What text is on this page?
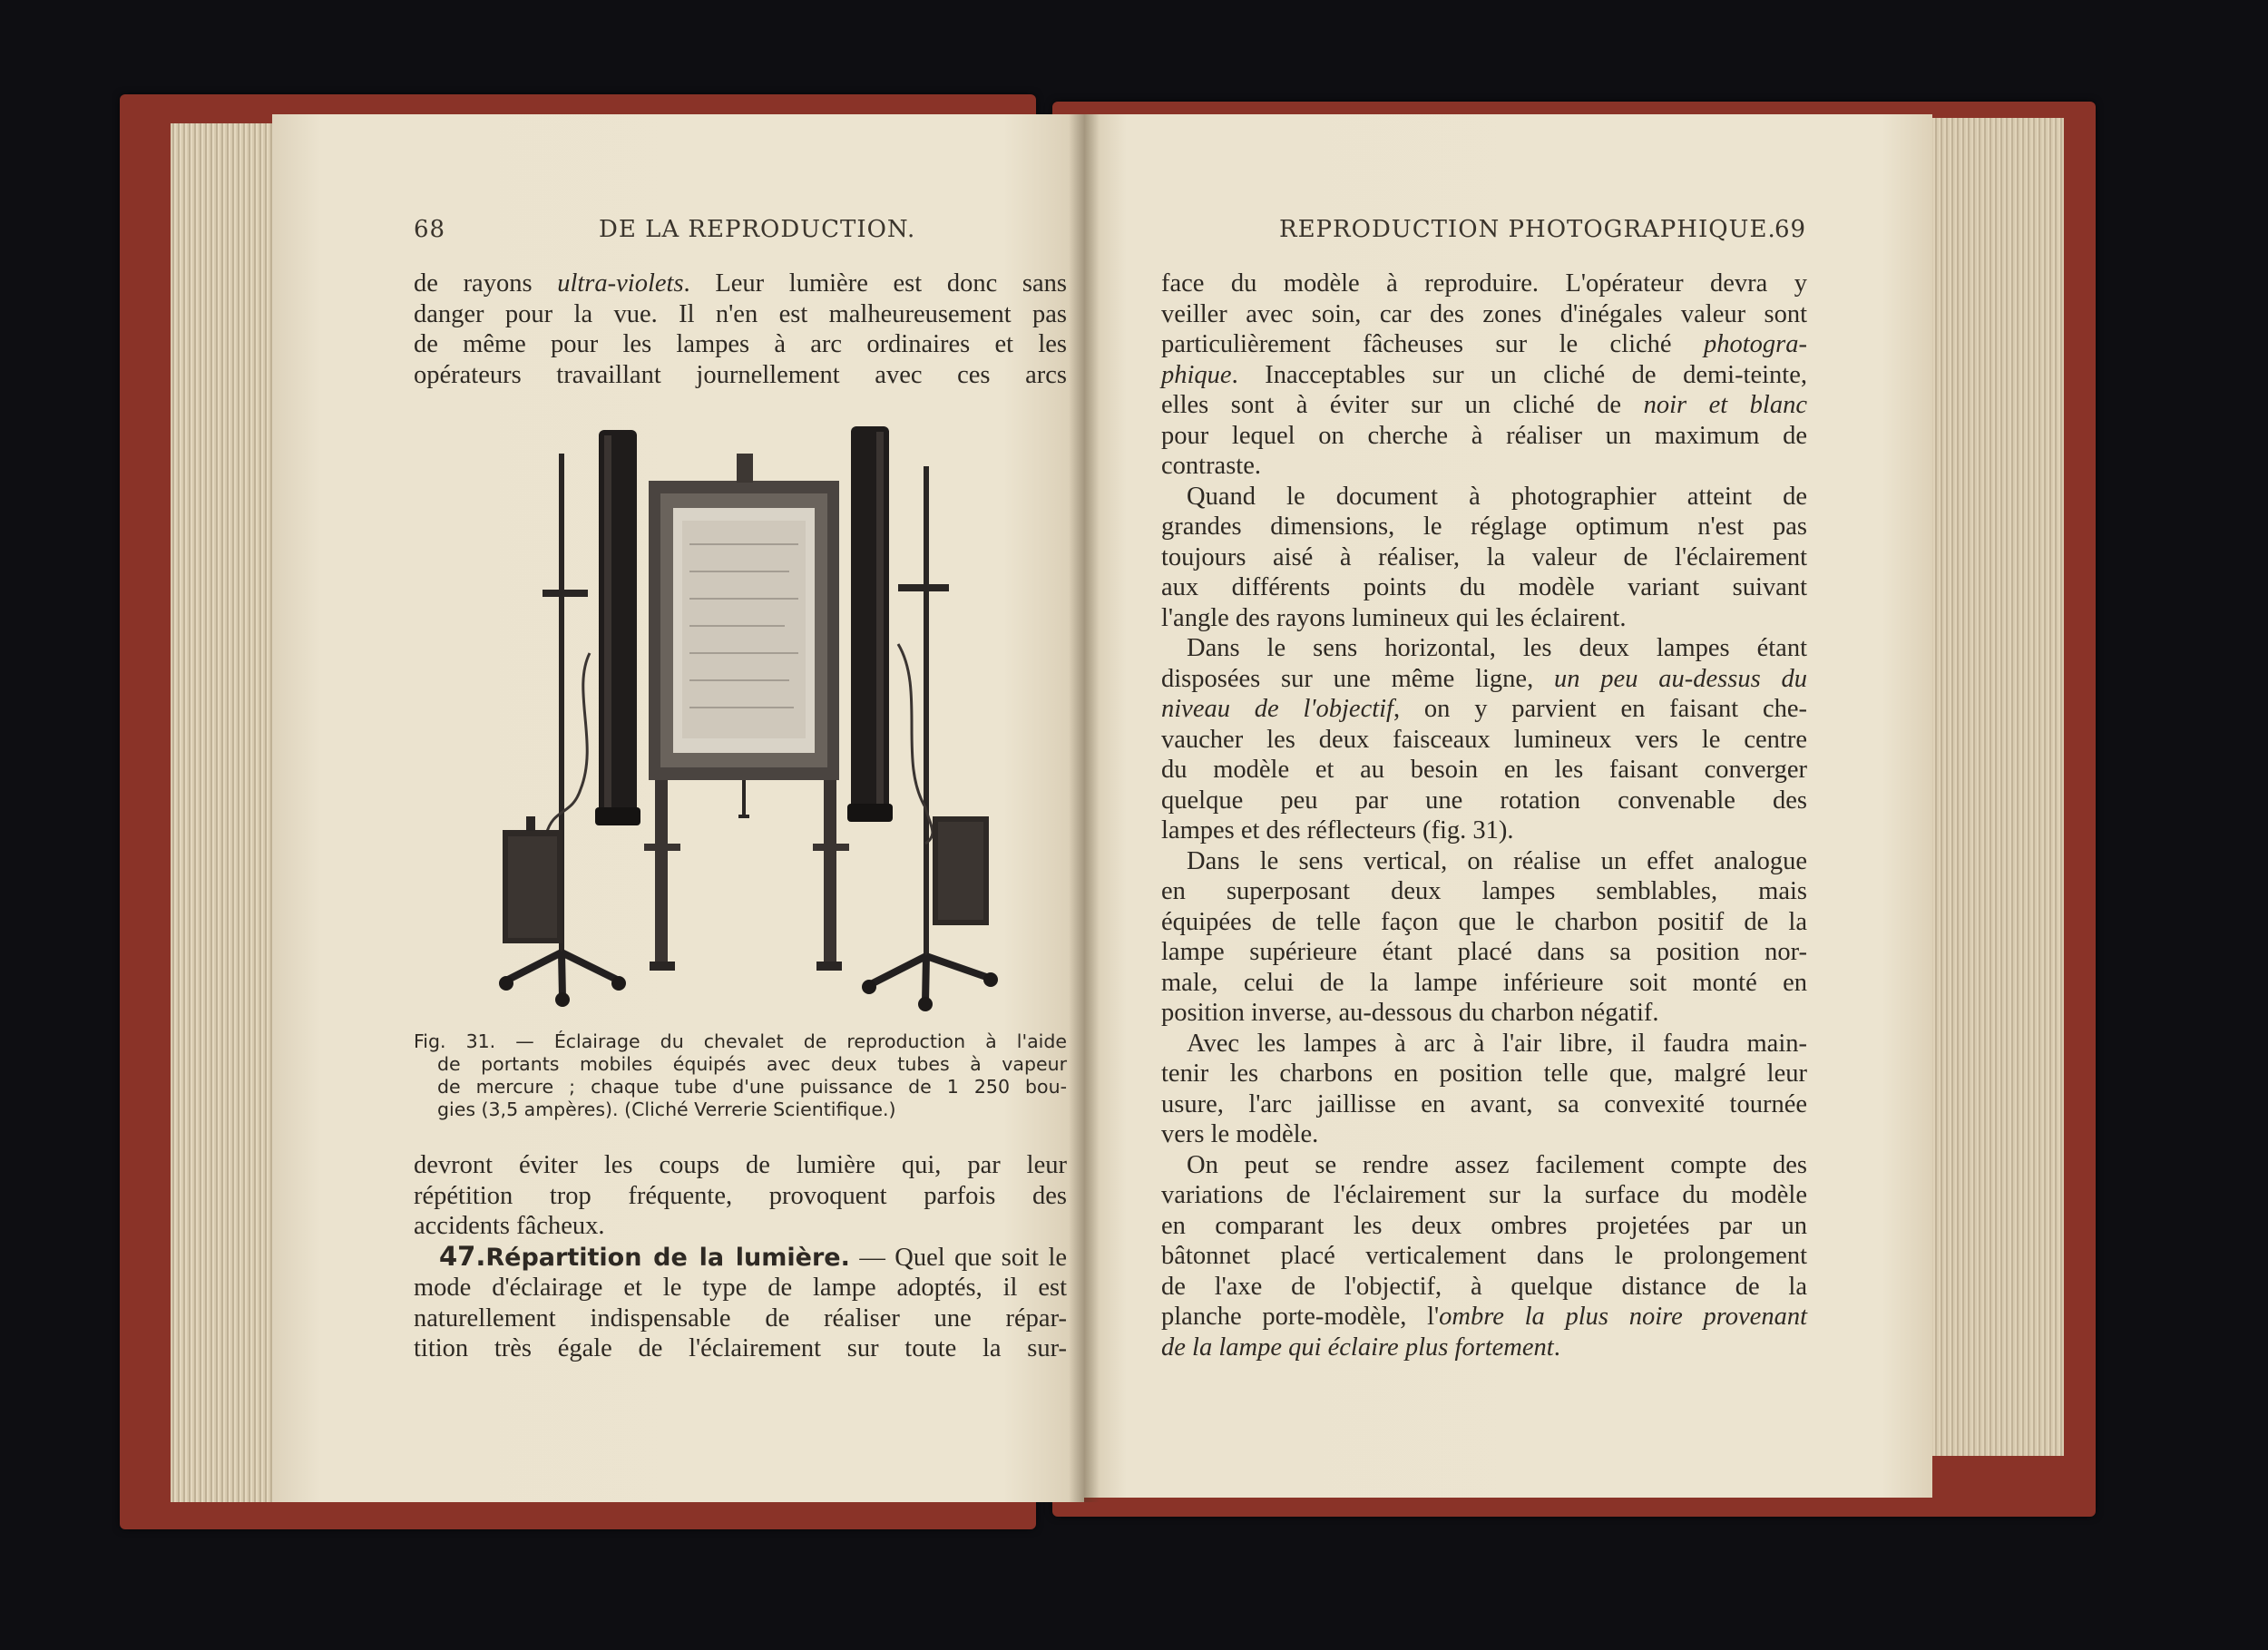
68	DE LA REPRODUCTION.

de rayons ultra-violets. Leur lumière est donc sans

danger pour la vue. Il n'en est malheureusement pas

de même pour les lampes à arc ordinaires et les

opérateurs travaillant journellement avec ces arcs

Fig. 31. — Éclairage du chevalet de reproduction à l'aide
de portants mobiles équipés avec deux tubes à vapeur
de mercure ; chaque tube d'une puissance de 1 250 bou-
gies (3,5 ampères). (Cliché Verrerie Scientifique.)

devront éviter les coups de lumière qui, par leur

répétition trop fréquente, provoquent parfois des

accidents fâcheux.

47.Répartition de la lumière. — Quel que soit le

mode d'éclairage et le type de lampe adoptés, il est

naturellement indispensable de réaliser une répar-

tition très égale de l'éclairement sur toute la sur-

REPRODUCTION PHOTOGRAPHIQUE.
69

face du modèle à reproduire. L'opérateur devra y

veiller avec soin, car des zones d'inégales valeur sont

particulièrement fâcheuses sur le cliché photogra-

phique. Inacceptables sur un cliché de demi-teinte,

elles sont à éviter sur un cliché de noir et blanc

pour lequel on cherche à réaliser un maximum de

contraste.

Quand le document à photographier atteint de

grandes dimensions, le réglage optimum n'est pas

toujours aisé à réaliser, la valeur de l'éclairement

aux différents points du modèle variant suivant

l'angle des rayons lumineux qui les éclairent.

Dans le sens horizontal, les deux lampes étant

disposées sur une même ligne, un peu au-dessus du

niveau de l'objectif, on y parvient en faisant che-

vaucher les deux faisceaux lumineux vers le centre

du modèle et au besoin en les faisant converger

quelque peu par une rotation convenable des

lampes et des réflecteurs (fig. 31).

Dans le sens vertical, on réalise un effet analogue

en superposant deux lampes semblables, mais

équipées de telle façon que le charbon positif de la

lampe supérieure étant placé dans sa position nor-

male, celui de la lampe inférieure soit monté en

position inverse, au-dessous du charbon négatif.

Avec les lampes à arc à l'air libre, il faudra main-

tenir les charbons en position telle que, malgré leur

usure, l'arc jaillisse en avant, sa convexité tournée

vers le modèle.

On peut se rendre assez facilement compte des

variations de l'éclairement sur la surface du modèle

en comparant les deux ombres projetées par un

bâtonnet placé verticalement dans le prolongement

de l'axe de l'objectif, à quelque distance de la

planche porte-modèle, l'ombre la plus noire provenant

de la lampe qui éclaire plus fortement.
